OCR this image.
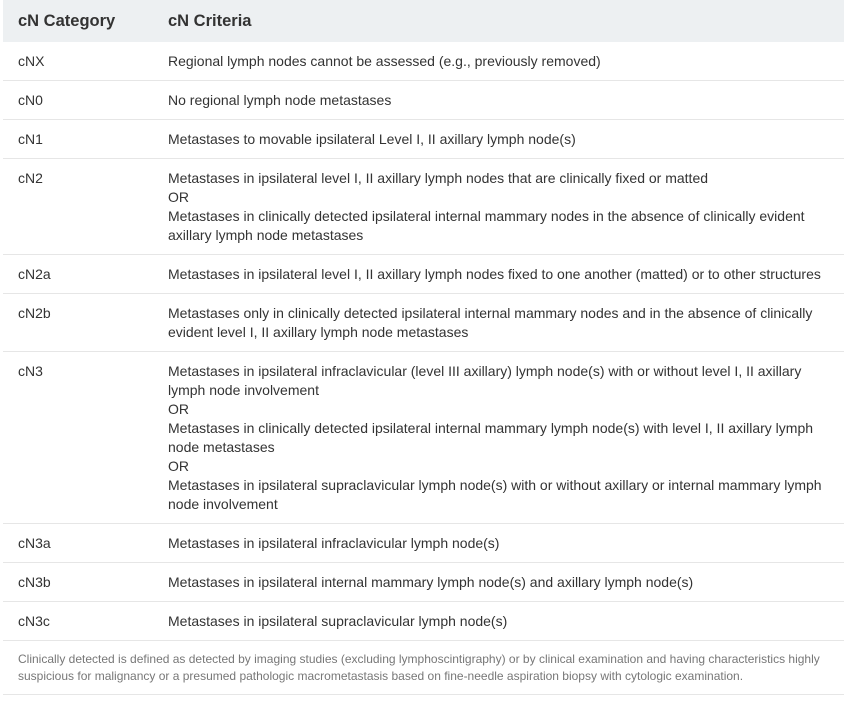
cN Category	cN Criteria
cNX	Regional lymph nodes cannot be assessed (e.g., previously removed)

cN0	No regional lymph node metastases

cN1	Metastases to movable ipsilateral Level I, II axillary lymph node(s)

cN2	Metastases in ipsilateral level I, II axillary lymph nodes that are clinically fixed or matted
OR
Metastases in clinically detected ipsilateral internal mammary nodes in the absence of clinically evident axillary lymph node metastases

cN2a	Metastases in ipsilateral level I, II axillary lymph nodes fixed to one another (matted) or to other structures

cN2b	Metastases only in clinically detected ipsilateral internal mammary nodes and in the absence of clinically evident level I, II axillary lymph node metastases

cN3	Metastases in ipsilateral infraclavicular (level III axillary) lymph node(s) with or without level I, II axillary lymph node involvement
OR
Metastases in clinically detected ipsilateral internal mammary lymph node(s) with level I, II axillary lymph node metastases
OR
Metastases in ipsilateral supraclavicular lymph node(s) with or without axillary or internal mammary lymph node involvement

cN3a	Metastases in ipsilateral infraclavicular lymph node(s)

cN3b	Metastases in ipsilateral internal mammary lymph node(s) and axillary lymph node(s)

cN3c	Metastases in ipsilateral supraclavicular lymph node(s)

Clinically detected is defined as detected by imaging studies (excluding lymphoscintigraphy) or by clinical examination and having characteristics highly suspicious for malignancy or a presumed pathologic macrometastasis based on fine-needle aspiration biopsy with cytologic examination.	
